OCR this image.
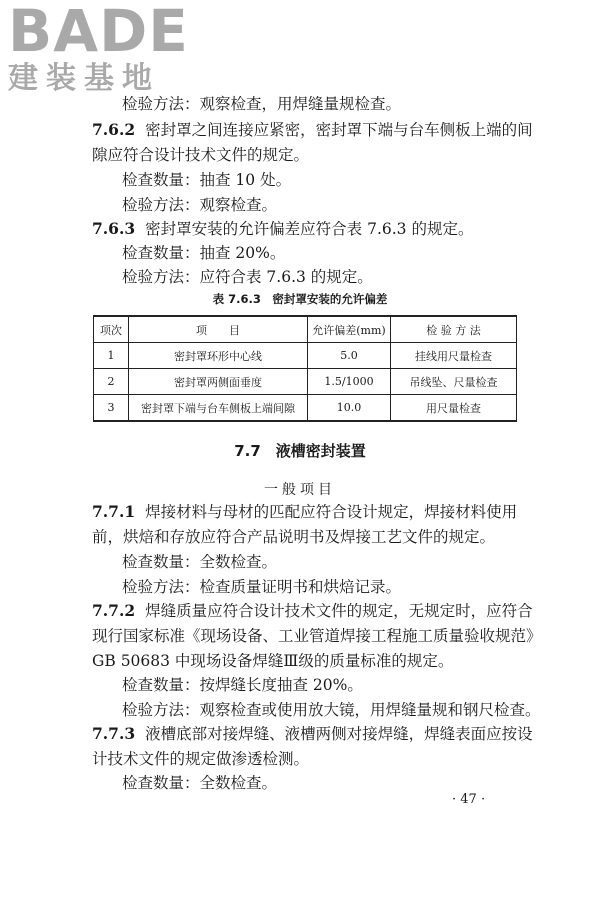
BADE
建装基地
检验方法：观察检查，用焊缝量规检查。
7.6.2 密封罩之间连接应紧密，密封罩下端与台车侧板上端的间
隙应符合设计技术文件的规定。
检查数量：抽查 10 处。
检验方法：观察检查。
7.6.3 密封罩安装的允许偏差应符合表 7.6.3 的规定。
检查数量：抽查 20%。
检验方法：应符合表 7.6.3 的规定。
表 7.6.3　密封罩安装的允许偏差
项次	项　　目	允许偏差(mm)	检 验 方 法
1	密封罩环形中心线	5.0	挂线用尺量检查
2	密封罩两侧面垂度	1.5/1000	吊线坠、尺量检查
3	密封罩下端与台车侧板上端间隙	10.0	用尺量检查
7.7　液槽密封装置
一般项目
7.7.1 焊接材料与母材的匹配应符合设计规定，焊接材料使用
前，烘焙和存放应符合产品说明书及焊接工艺文件的规定。
检查数量：全数检查。
检验方法：检查质量证明书和烘焙记录。
7.7.2 焊缝质量应符合设计技术文件的规定，无规定时，应符合
现行国家标准《现场设备、工业管道焊接工程施工质量验收规范》
GB 50683 中现场设备焊缝Ⅲ级的质量标准的规定。
检查数量：按焊缝长度抽查 20%。
检验方法：观察检查或使用放大镜，用焊缝量规和钢尺检查。
7.7.3 液槽底部对接焊缝、液槽两侧对接焊缝，焊缝表面应按设
计技术文件的规定做渗透检测。
检查数量：全数检查。
· 47 ·
